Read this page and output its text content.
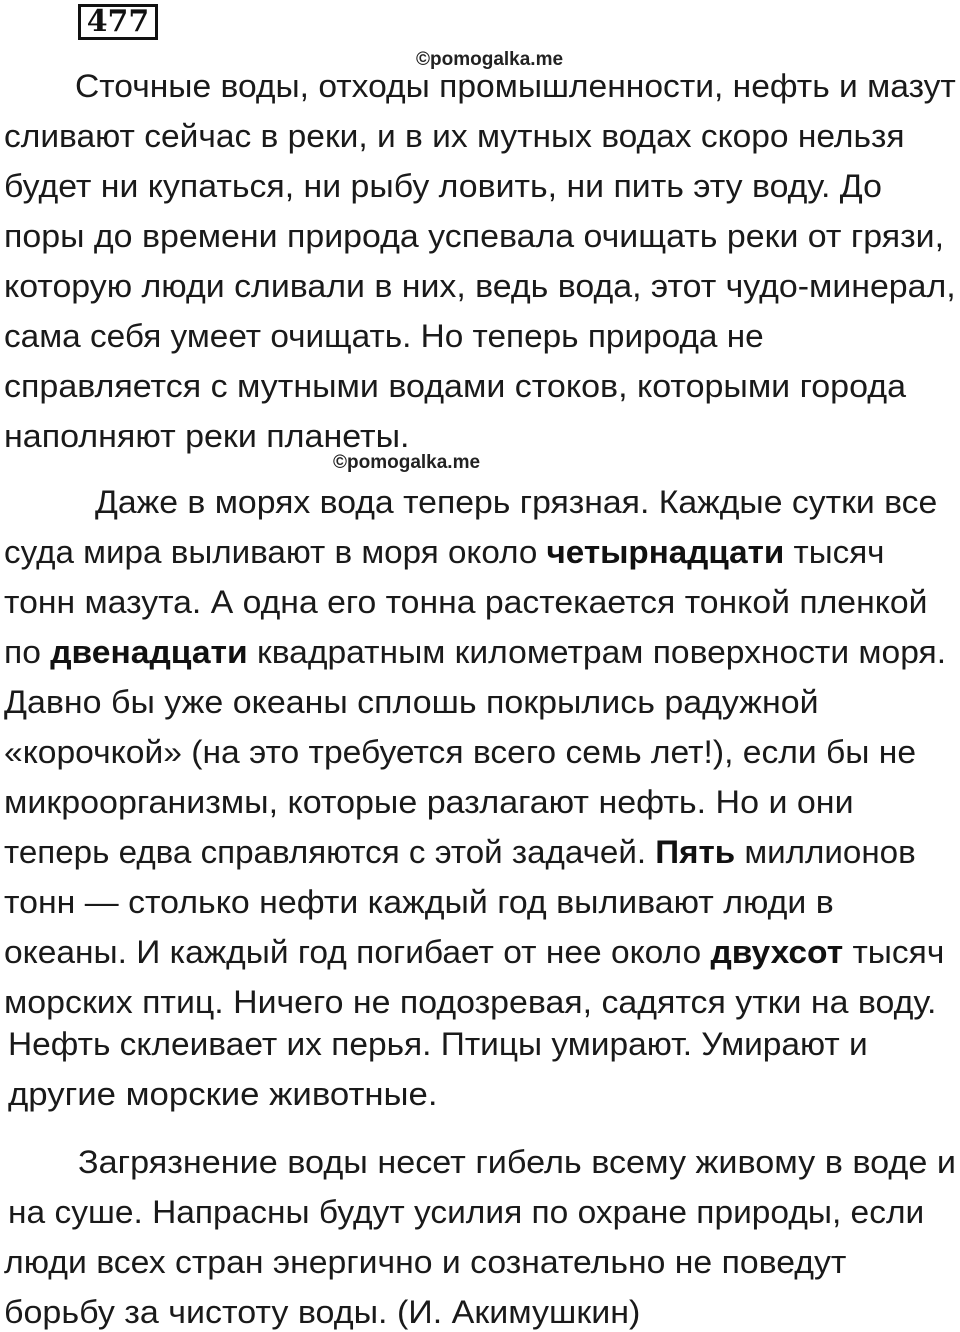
477
©pomogalka.me
©pomogalka.me
Сточные воды, отходы промышленности, нефть и мазут
сливают сейчас в реки, и в их мутных водах скоро нельзя
будет ни купаться, ни рыбу ловить, ни пить эту воду. До
поры до времени природа успевала очищать реки от грязи,
которую люди сливали в них, ведь вода, этот чудо-минерал,
сама себя умеет очищать. Но теперь природа не
справляется с мутными водами стоков, которыми города
наполняют реки планеты.
Даже в морях вода теперь грязная. Каждые сутки все
суда мира выливают в моря около четырнадцати тысяч
тонн мазута. А одна его тонна растекается тонкой пленкой
по двенадцати квадратным километрам поверхности моря.
Давно бы уже океаны сплошь покрылись радужной
«корочкой» (на это требуется всего семь лет!), если бы не
микроорганизмы, которые разлагают нефть. Но и они
теперь едва справляются с этой задачей. Пять миллионов
тонн — столько нефти каждый год выливают люди в
океаны. И каждый год погибает от нее около двухсот тысяч
морских птиц. Ничего не подозревая, садятся утки на воду.
Нефть склеивает их перья. Птицы умирают. Умирают и
другие морские животные.
Загрязнение воды несет гибель всему живому в воде и
на суше. Напрасны будут усилия по охране природы, если
люди всех стран энергично и сознательно не поведут
борьбу за чистоту воды. (И. Акимушкин)
